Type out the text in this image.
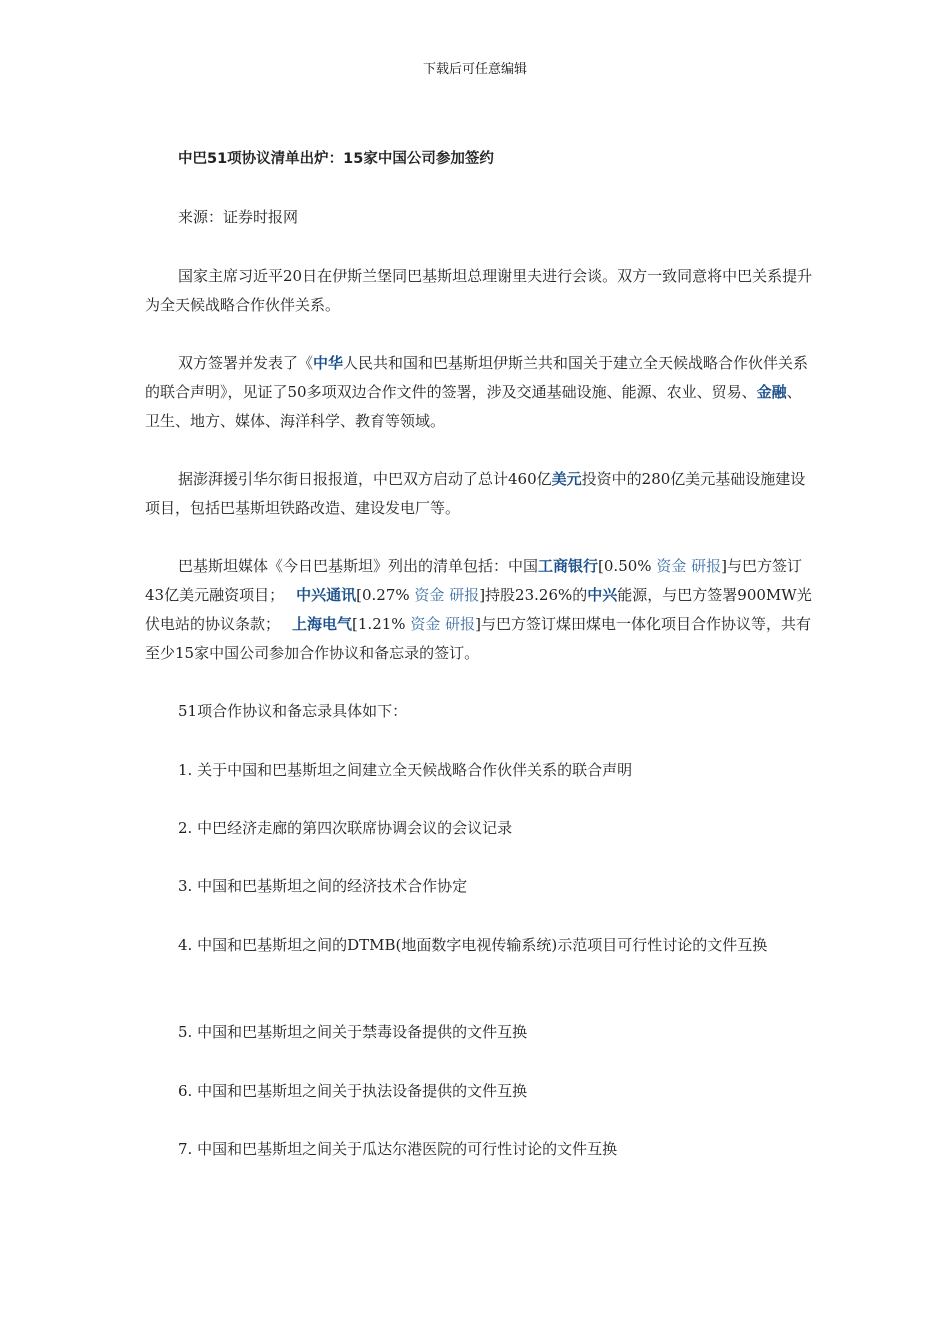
下载后可任意编辑

中巴51项协议清单出炉：15家中国公司参加签约

来源：证券时报网

国家主席习近平20日在伊斯兰堡同巴基斯坦总理谢里夫进行会谈。双方一致同意将中巴关系提升为全天候战略合作伙伴关系。

双方签署并发表了《中华人民共和国和巴基斯坦伊斯兰共和国关于建立全天候战略合作伙伴关系的联合声明》，见证了50多项双边合作文件的签署，涉及交通基础设施、能源、农业、贸易、金融、卫生、地方、媒体、海洋科学、教育等领域。

据澎湃援引华尔街日报报道，中巴双方启动了总计460亿美元投资中的280亿美元基础设施建设项目，包括巴基斯坦铁路改造、建设发电厂等。

巴基斯坦媒体《今日巴基斯坦》列出的清单包括：中国工商银行[0.50% 资金 研报]与巴方签订43亿美元融资项目； 中兴通讯[0.27% 资金 研报]持股23.26%的中兴能源，与巴方签署900MW光伏电站的协议条款； 上海电气[1.21% 资金 研报]与巴方签订煤田煤电一体化项目合作协议等，共有至少15家中国公司参加合作协议和备忘录的签订。

51项合作协议和备忘录具体如下：

1. 关于中国和巴基斯坦之间建立全天候战略合作伙伴关系的联合声明

2. 中巴经济走廊的第四次联席协调会议的会议记录

3. 中国和巴基斯坦之间的经济技术合作协定

4. 中国和巴基斯坦之间的DTMB(地面数字电视传输系统)示范项目可行性讨论的文件互换

5. 中国和巴基斯坦之间关于禁毒设备提供的文件互换

6. 中国和巴基斯坦之间关于执法设备提供的文件互换

7. 中国和巴基斯坦之间关于瓜达尔港医院的可行性讨论的文件互换
